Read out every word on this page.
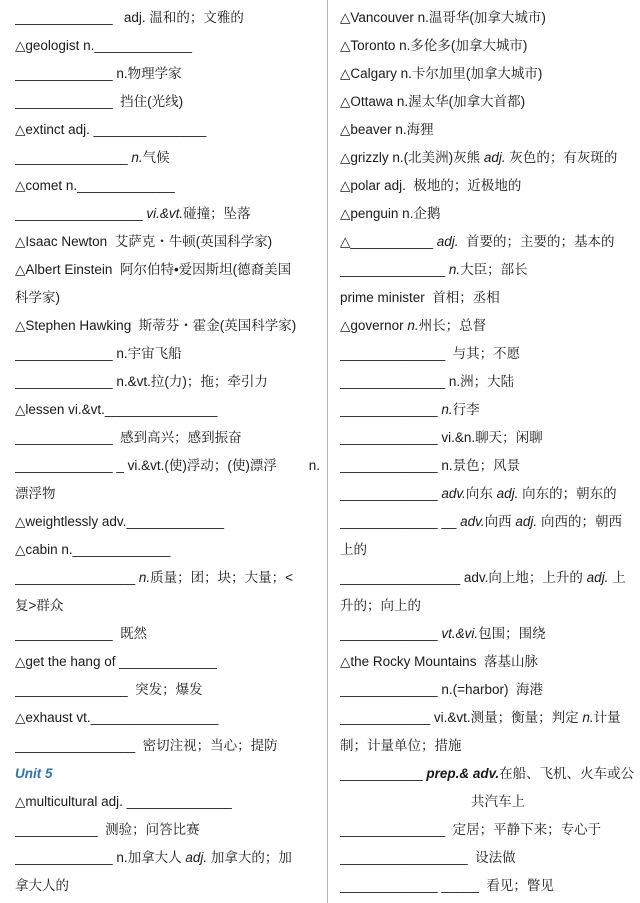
_____________   adj. 温和的；文雅的
△geologist n._____________
_____________ n.物理学家
_____________  挡住(光线)
△extinct adj. _______________
_______________ n.气候
△comet n._____________
_________________ vi.&vt.碰撞；坠落
△Isaac Newton  艾萨克・牛顿(英国科学家)
△Albert Einstein  阿尔伯特•爱因斯坦(德裔美国
科学家)
△Stephen Hawking  斯蒂芬・霍金(英国科学家)
_____________ n.宇宙飞船
_____________ n.&vt.拉(力)；拖；牵引力
△lessen vi.&vt._______________
_____________  感到高兴；感到振奋
_____________ _ vi.&vt.(使)浮动；(使)漂浮 n.
漂浮物
△weightlessly adv._____________
△cabin n._____________
________________ n.质量；团；块；大量；<
复>群众
_____________  既然
△get the hang of _____________
_______________  突发；爆发
△exhaust vt._________________
________________  密切注视；当心；提防
Unit 5
△multicultural adj. ______________
___________  测验；问答比赛
_____________ n.加拿大人 adj. 加拿大的；加
拿大人的
△Vancouver n.温哥华(加拿大城市)
△Toronto n.多伦多(加拿大城市)
△Calgary n.卡尔加里(加拿大城市)
△Ottawa n.渥太华(加拿大首都)
△beaver n.海狸
△grizzly n.(北美洲)灰熊 adj. 灰色的；有灰斑的
△polar adj.  极地的；近极地的
△penguin n.企鹅
△___________ adj.  首要的；主要的；基本的
______________ n.大臣；部长
prime minister  首相；丞相
△governor n.州长；总督
______________  与其；不愿
______________ n.洲；大陆
_____________ n.行李
_____________ vi.&n.聊天；闲聊
_____________ n.景色；风景
_____________ adv.向东 adj. 向东的；朝东的
_____________ __ adv.向西 adj. 向西的；朝西
上的
________________ adv.向上地；上升的 adj. 上
升的；向上的
_____________ vt.&vi.包围；围绕
△the Rocky Mountains  落基山脉
_____________ n.(=harbor)  海港
____________ vi.&vt.测量；衡量；判定 n.计量
制；计量单位；措施
___________ prep.& adv.在船、飞机、火车或公
共汽车上
______________  定居；平静下来；专心于
_________________  设法做
_____________ _____  看见；瞥见
